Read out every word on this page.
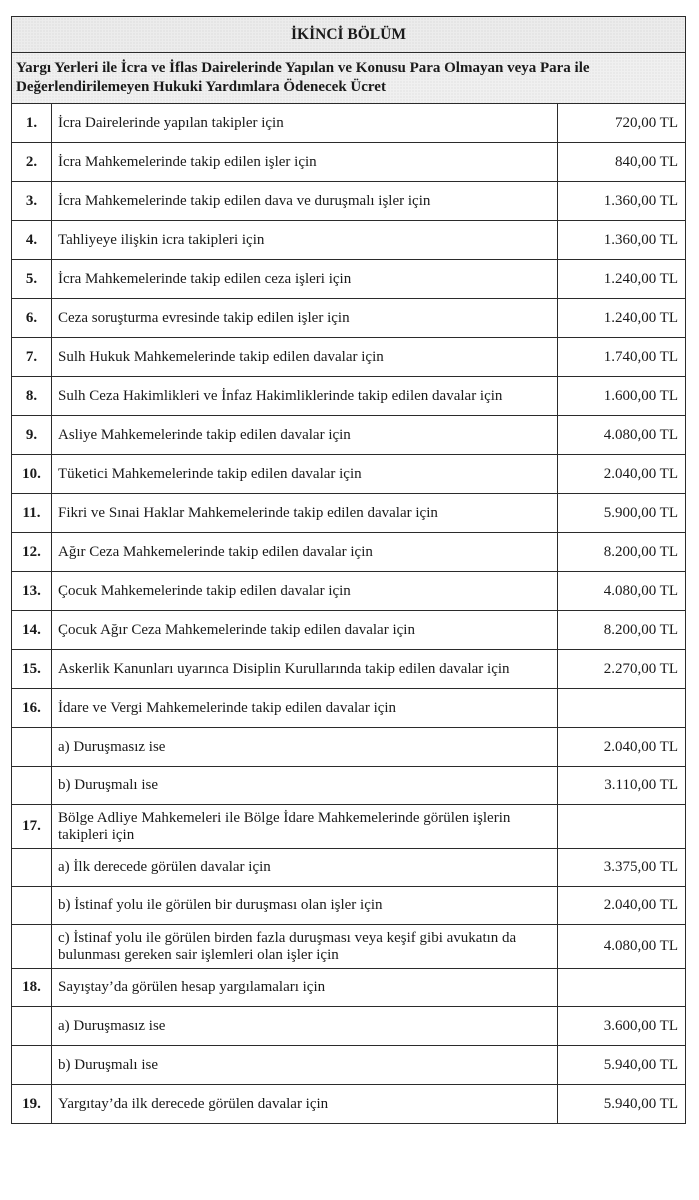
İKİNCİ BÖLÜM		
Yargı Yerleri ile İcra ve İflas Dairelerinde Yapılan ve Konusu Para Olmayan veya Para ile Değerlendirilemeyen Hukuki Yardımlara Ödenecek Ücret		
1.	İcra Dairelerinde yapılan takipler için	720,00 TL
2.	İcra Mahkemelerinde takip edilen işler için	840,00 TL
3.	İcra Mahkemelerinde takip edilen dava ve duruşmalı işler için	1.360,00 TL
4.	Tahliyeye ilişkin icra takipleri için	1.360,00 TL
5.	İcra Mahkemelerinde takip edilen ceza işleri için	1.240,00 TL
6.	Ceza soruşturma evresinde takip edilen işler için	1.240,00 TL
7.	Sulh Hukuk Mahkemelerinde takip edilen davalar için	1.740,00 TL
8.	Sulh Ceza Hakimlikleri ve İnfaz Hakimliklerinde takip edilen davalar için	1.600,00 TL
9.	Asliye Mahkemelerinde takip edilen davalar için	4.080,00 TL
10.	Tüketici Mahkemelerinde takip edilen davalar için	2.040,00 TL
11.	Fikri ve Sınai Haklar Mahkemelerinde takip edilen davalar için	5.900,00 TL
12.	Ağır Ceza Mahkemelerinde takip edilen davalar için	8.200,00 TL
13.	Çocuk Mahkemelerinde takip edilen davalar için	4.080,00 TL
14.	Çocuk Ağır Ceza Mahkemelerinde takip edilen davalar için	8.200,00 TL
15.	Askerlik Kanunları uyarınca Disiplin Kurullarında takip edilen davalar için	2.270,00 TL
16.	İdare ve Vergi Mahkemelerinde takip edilen davalar için	
	a) Duruşmasız ise	2.040,00 TL
	b) Duruşmalı ise	3.110,00 TL
17.	Bölge Adliye Mahkemeleri ile Bölge İdare Mahkemelerinde görülen işlerin takipleri için	
	a) İlk derecede görülen davalar için	3.375,00 TL
	b) İstinaf yolu ile görülen bir duruşması olan işler için	2.040,00 TL
	c) İstinaf yolu ile görülen birden fazla duruşması veya keşif gibi avukatın da bulunması gereken sair işlemleri olan işler için	4.080,00 TL
18.	Sayıştay’da görülen hesap yargılamaları için	
	a) Duruşmasız ise	3.600,00 TL
	b) Duruşmalı ise	5.940,00 TL
19.	Yargıtay’da ilk derecede görülen davalar için	5.940,00 TL
